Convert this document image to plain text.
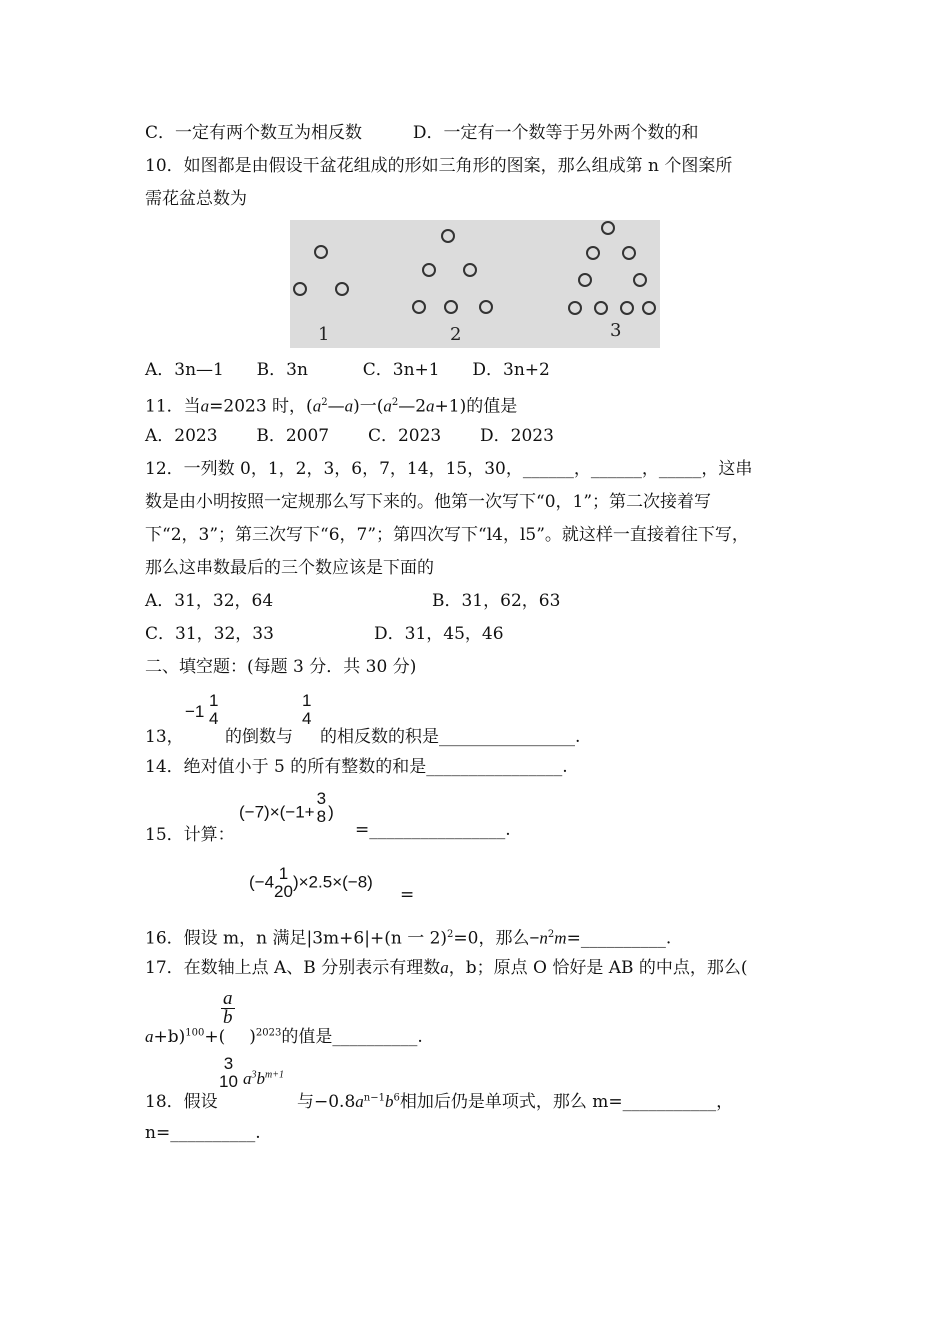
C．一定有两个数互为相反数	D．一定有一个数等于另外两个数的和
10．如图都是由假设干盆花组成的形如三角形的图案，那么组成第 n 个图案所
需花盆总数为
1	2	3
A．3n—1 B．3n	C．3n+1 D．3n+2
11．当a=2023 时，$(a^2—a)$一$(a^2—2a+1)$的值是
A．2023 B．2007 C．2023 D．2023
12．一列数 0，1，2，3，6，7，14，15，30，______，______，_____，这串
数是由小明按照一定规那么写下来的。他第一次写下“0，1”；第二次接着写
下“2，3”；第三次写下“6，7”；第四次写下“l4，l5”。就这样一直接着往下写，
那么这串数最后的三个数应该是下面的
A．31，32，64	B．31，62，63
C．31，32，33	D．31，45，46
二、填空题：(每题 3 分．共 30 分)
13，
−1
1
4
的倒数与
1
4
的相反数的积是________________.
14．绝对值小于 5 的所有整数的和是________________.
15．计算：
(−7)×(−1+
3
8 )
=________________.
(−4 1
20
)×2.5×(−8)
=
16．假设 m，n 满足|3m+6|+(n 一 2)$^2$=0，那么$-n^2m=\_\_\_\_\_\_\_\_\_\_$.
17．在数轴上点 A、B 分别表示有理数a，b；原点 O 恰好是 AB 的中点，那么(
$\frac{a}{b}$
a+b)$^{100}$+( )$^{2023}$的值是__________.
18．假设
3
10 $a^3b^{m+1}$
与$-0.8a^{n-1}b^6$相加后仍是单项式，那么 m=___________，
n=__________.
